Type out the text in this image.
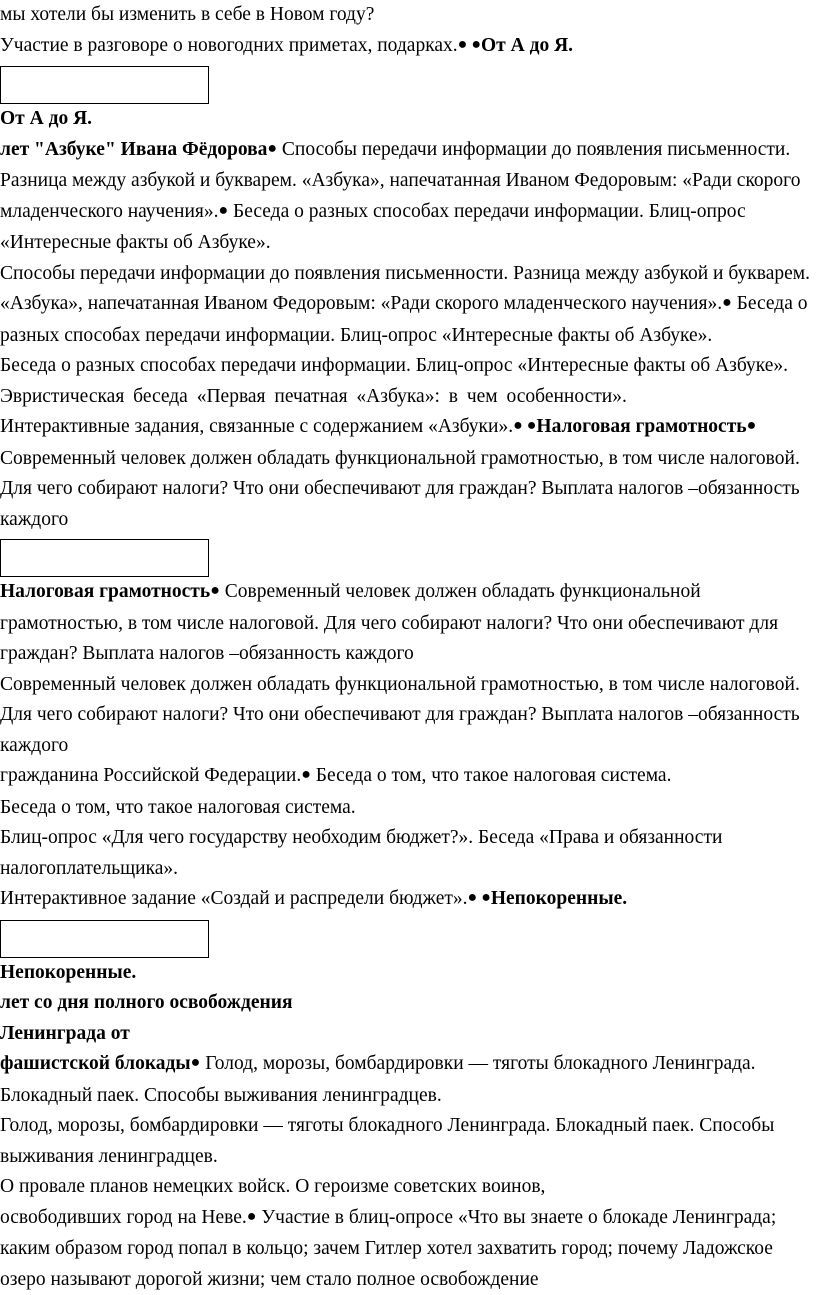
мы хотели бы изменить в себе в Новом году?
Участие в разговоре о новогодних приметах, подарках.● ●От А до Я.
От А до Я.
лет "Азбуке" Ивана Фёдорова● Способы передачи информации до появления письменности. Разница между азбукой и букварем. «Азбука», напечатанная Иваном Федоровым: «Ради скорого младенческого научения».● Беседа о разных способах передачи информации. Блиц-опрос «Интересные факты об Азбуке».
Способы передачи информации до появления письменности. Разница между азбукой и букварем. «Азбука», напечатанная Иваном Федоровым: «Ради скорого младенческого научения».● Беседа о разных способах передачи информации. Блиц-опрос «Интересные факты об Азбуке».
Беседа о разных способах передачи информации. Блиц-опрос «Интересные факты об Азбуке».
Эвристическая беседа «Первая печатная «Азбука»: в чем особенности».
Интерактивные задания, связанные с содержанием «Азбуки».● ●Налоговая грамотность● Современный человек должен обладать функциональной грамотностью, в том числе налоговой. Для чего собирают налоги? Что они обеспечивают для граждан? Выплата налогов –обязанность каждого
Налоговая грамотность● Современный человек должен обладать функциональной грамотностью, в том числе налоговой. Для чего собирают налоги? Что они обеспечивают для граждан? Выплата налогов –обязанность каждого
Современный человек должен обладать функциональной грамотностью, в том числе налоговой. Для чего собирают налоги? Что они обеспечивают для граждан? Выплата налогов –обязанность каждого
гражданина Российской Федерации.● Беседа о том, что такое налоговая система.
Беседа о том, что такое налоговая система.
Блиц-опрос «Для чего государству необходим бюджет?». Беседа «Права и обязанности налогоплательщика».
Интерактивное задание «Создай и распредели бюджет».● ●Непокоренные.
Непокоренные.
лет со дня полного освобождения
Ленинграда от
фашистской блокады● Голод, морозы, бомбардировки — тяготы блокадного Ленинграда. Блокадный паек. Способы выживания ленинградцев.
Голод, морозы, бомбардировки — тяготы блокадного Ленинграда. Блокадный паек. Способы выживания ленинградцев.
О провале планов немецких войск. О героизме советских воинов,
освободивших город на Неве.● Участие в блиц-опросе «Что вы знаете о блокаде Ленинграда; каким образом город попал в кольцо; зачем Гитлер хотел захватить город; почему Ладожское озеро называют дорогой жизни; чем стало полное освобождение
